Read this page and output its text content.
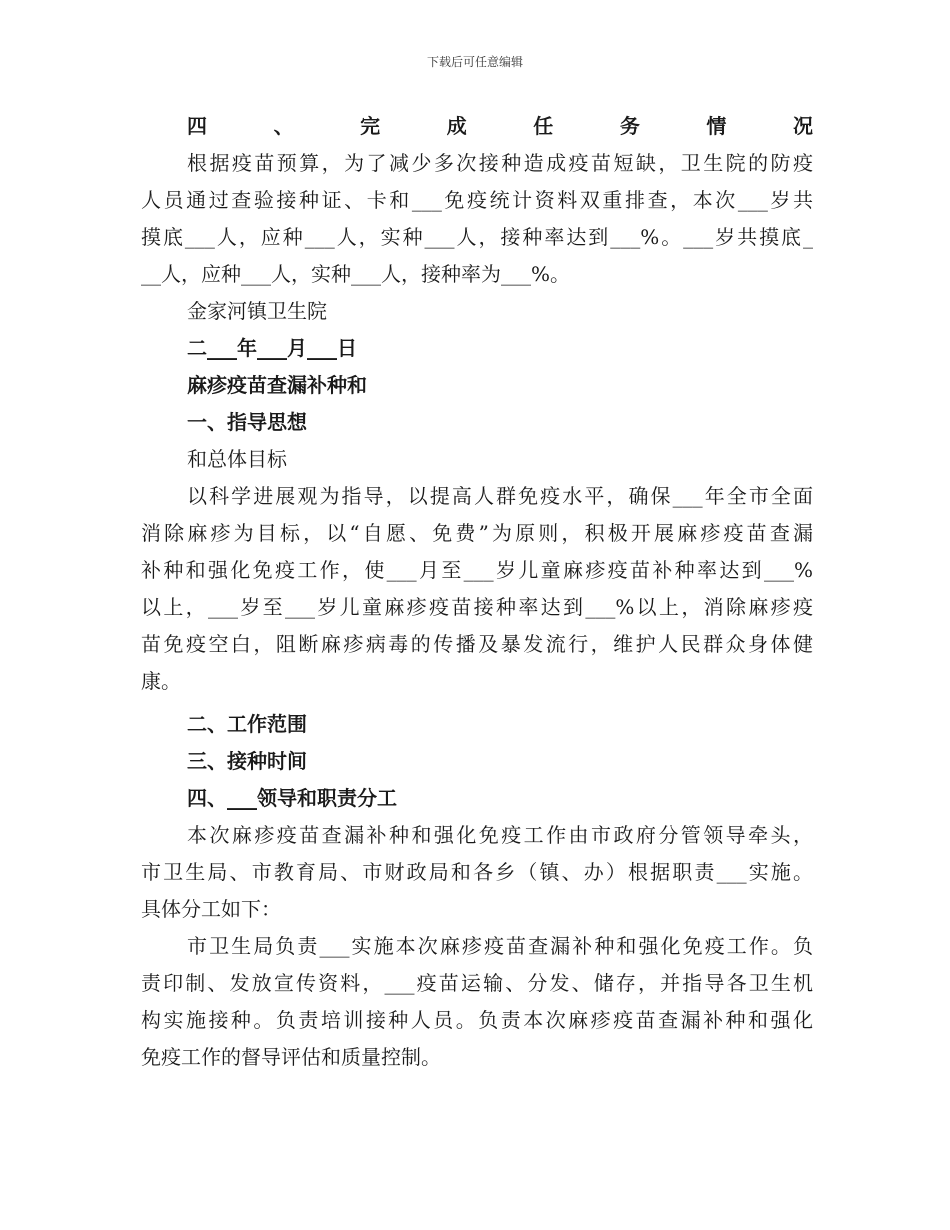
下载后可任意编辑
四、完成任务情况
根据疫苗预算，为了减少多次接种造成疫苗短缺，卫生院的防疫
人员通过查验接种证、卡和___免疫统计资料双重排查，本次___岁共
摸底___人，应种___人，实种___人，接种率达到___%。___岁共摸底_
__人，应种___人，实种___人，接种率为___%。
金家河镇卫生院
二___年___月___日
麻疹疫苗查漏补种和
一、指导思想
和总体目标
以科学进展观为指导，以提高人群免疫水平，确保___年全市全面
消除麻疹为目标，以“自愿、免费”为原则，积极开展麻疹疫苗查漏
补种和强化免疫工作，使___月至___岁儿童麻疹疫苗补种率达到___%
以上，___岁至___岁儿童麻疹疫苗接种率达到___%以上，消除麻疹疫
苗免疫空白，阻断麻疹病毒的传播及暴发流行，维护人民群众身体健
康。
二、工作范围
三、接种时间
四、___领导和职责分工
本次麻疹疫苗查漏补种和强化免疫工作由市政府分管领导牵头，
市卫生局、市教育局、市财政局和各乡（镇、办）根据职责___实施。
具体分工如下：
市卫生局负责___实施本次麻疹疫苗查漏补种和强化免疫工作。负
责印制、发放宣传资料，___疫苗运输、分发、储存，并指导各卫生机
构实施接种。负责培训接种人员。负责本次麻疹疫苗查漏补种和强化
免疫工作的督导评估和质量控制。
